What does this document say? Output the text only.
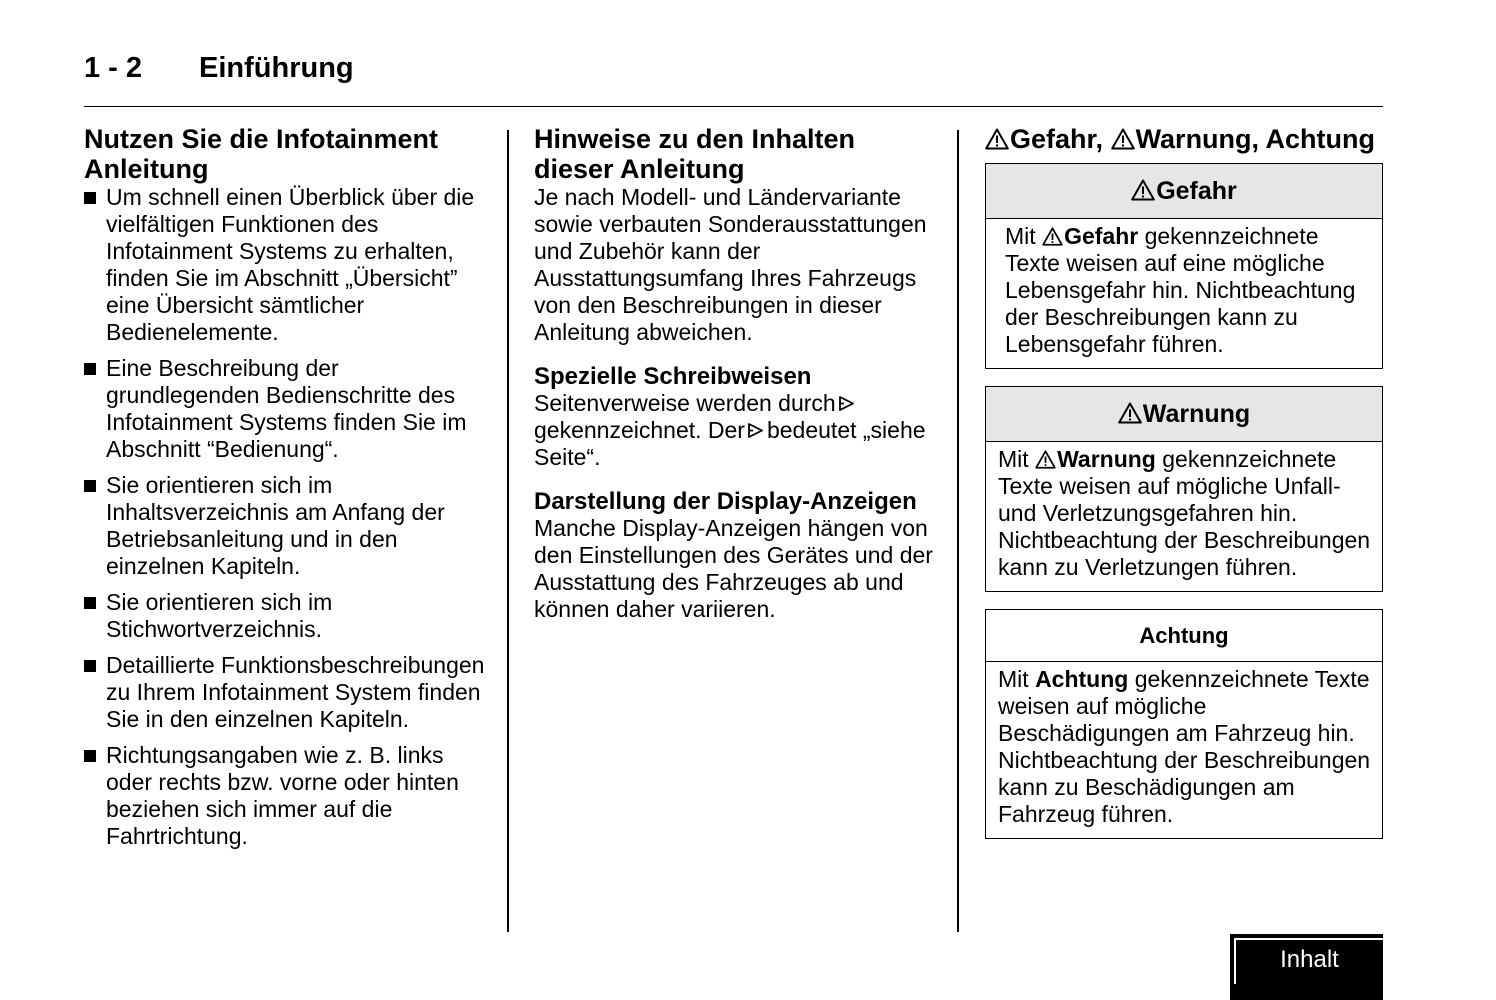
1 - 2 Einführung
Nutzen Sie die Infotainment Anleitung
Um schnell einen Überblick über die vielfältigen Funktionen des Infotainment Systems zu erhalten, finden Sie im Abschnitt „Übersicht” eine Übersicht sämtlicher Bedienelemente.
Eine Beschreibung der grundlegenden Bedienschritte des Infotainment Systems finden Sie im Abschnitt “Bedienung“.
Sie orientieren sich im Inhaltsverzeichnis am Anfang der Betriebsanleitung und in den einzelnen Kapiteln.
Sie orientieren sich im Stichwortverzeichnis.
Detaillierte Funktionsbeschreibungen zu Ihrem Infotainment System finden Sie in den einzelnen Kapiteln.
Richtungsangaben wie z. B. links oder rechts bzw. vorne oder hinten beziehen sich immer auf die Fahrtrichtung.
Hinweise zu den Inhalten dieser Anleitung

Je nach Modell- und Ländervariante sowie verbauten Sonderausstattungen und Zubehör kann der Ausstattungsumfang Ihres Fahrzeugs von den Beschreibungen in dieser Anleitung abweichen.

Spezielle Schreibweisen

Seitenverweise werden durchgekennzeichnet. Der bedeutet „siehe Seite“.

Darstellung der Display-Anzeigen

Manche Display-Anzeigen hängen von den Einstellungen des Gerätes und der Ausstattung des Fahrzeuges ab und können daher variieren.

Gefahr, Warnung, Achtung
Gefahr
Mit Gefahr gekennzeichnete Texte weisen auf eine mögliche Lebensgefahr hin. Nichtbeachtung der Beschreibungen kann zu Lebensgefahr führen.
Warnung
Mit Warnung gekennzeichnete Texte weisen auf mögliche Unfall- und Verletzungsgefahren hin. Nichtbeachtung der Beschreibungen kann zu Verletzungen führen.
Achtung
Mit Achtung gekennzeichnete Texte weisen auf mögliche Beschädigungen am Fahrzeug hin. Nichtbeachtung der Beschreibungen kann zu Beschädigungen am Fahrzeug führen.
Inhalt
